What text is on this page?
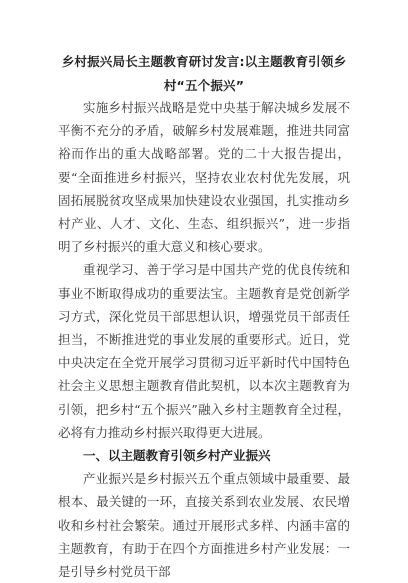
乡村振兴局长主题教育研讨发言:以主题教育引领乡村“五个振兴”

实施乡村振兴战略是党中央基于解决城乡发展不平衡不充分的矛盾，破解乡村发展难题，推进共同富裕而作出的重大战略部署。党的二十大报告提出，要“全面推进乡村振兴，坚持农业农村优先发展，巩固拓展脱贫攻坚成果加快建设农业强国，扎实推动乡村产业、人才、文化、生态、组织振兴”，进一步指明了乡村振兴的重大意义和核心要求。

重视学习、善于学习是中国共产党的优良传统和事业不断取得成功的重要法宝。主题教育是党创新学习方式，深化党员干部思想认识，增强党员干部责任担当，不断推进党的事业发展的重要形式。近日，党中央决定在全党开展学习贯彻习近平新时代中国特色社会主义思想主题教育借此契机，以本次主题教育为引领，把乡村“五个振兴”融入乡村主题教育全过程，必将有力推动乡村振兴取得更大进展。

一、以主题教育引领乡村产业振兴

产业振兴是乡村振兴五个重点领域中最重要、最根本、最关键的一环，直接关系到农业发展、农民增收和乡村社会繁荣。通过开展形式多样、内涵丰富的主题教育，有助于在四个方面推进乡村产业发展：一是引导乡村党员干部
